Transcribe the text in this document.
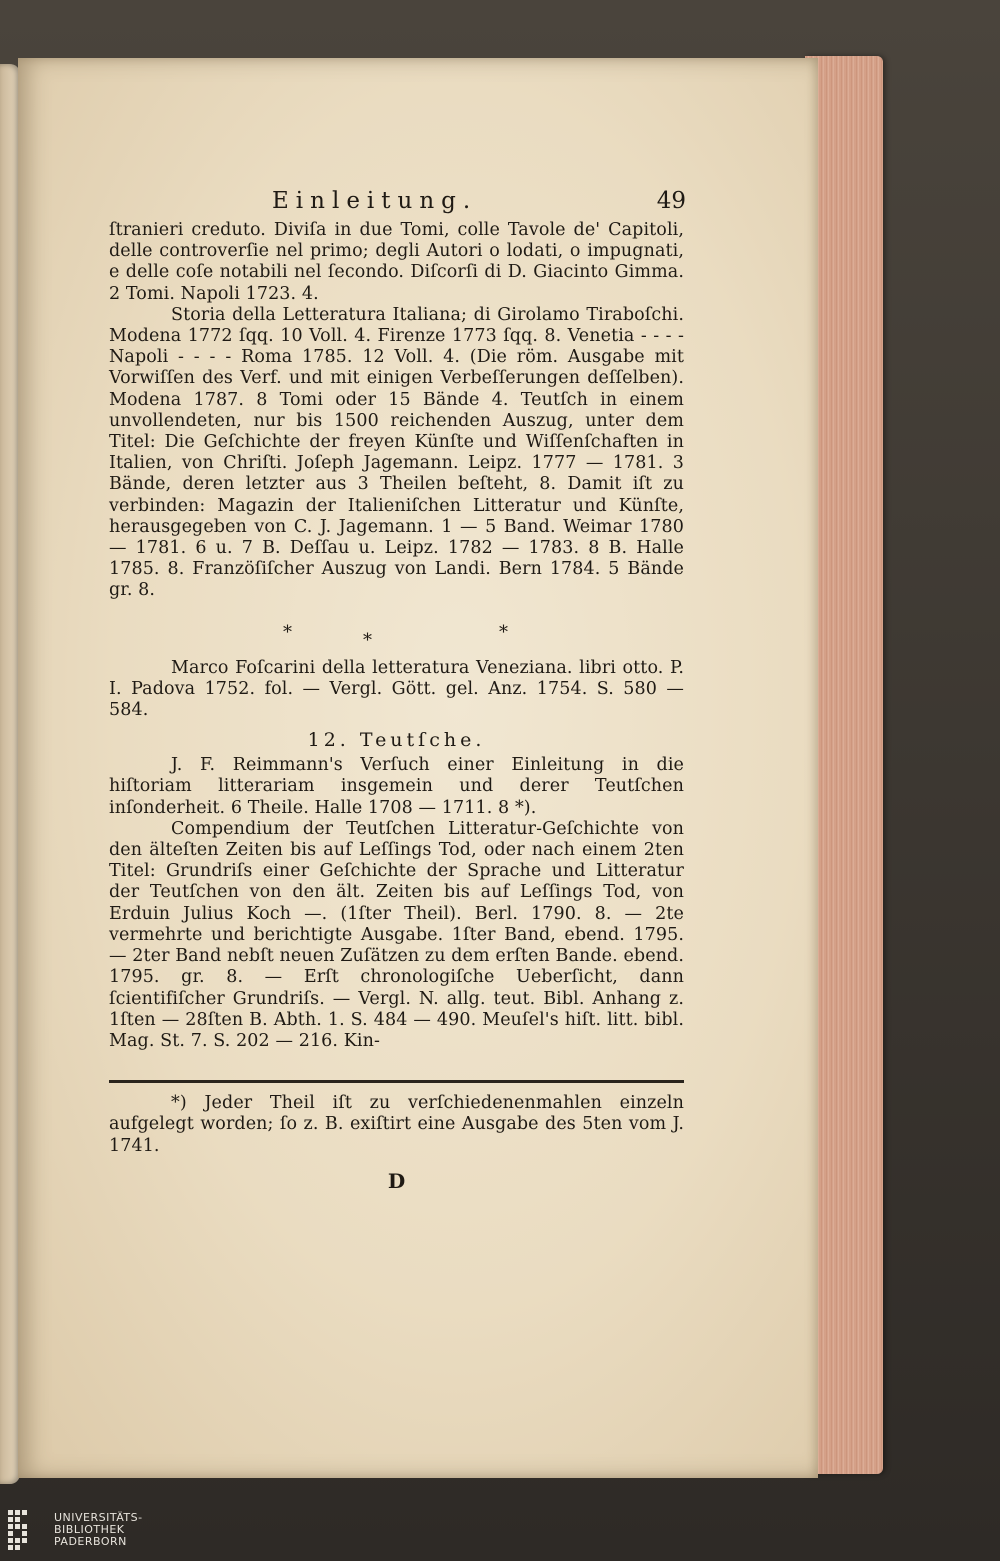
Einleitung.	49

ſtranieri creduto. Diviſa in due Tomi, colle Tavole de' Capitoli, delle controverſie nel primo; degli Autori o lodati, o impugnati, e delle coſe notabili nel ſecondo. Diſcorſi di D. Giacinto Gimma. 2 Tomi. Napoli 1723. 4.

Storia della Letteratura Italiana; di Girolamo Tiraboſchi. Modena 1772 ſqq. 10 Voll. 4. Firenze 1773 ſqq. 8. Venetia - - - - Napoli - - - - Roma 1785. 12 Voll. 4. (Die röm. Ausgabe mit Vorwiſſen des Verf. und mit einigen Verbeſſerungen deſſelben). Modena 1787. 8 Tomi oder 15 Bände 4. Teutſch in einem unvollendeten, nur bis 1500 reichenden Auszug, unter dem Titel: Die Geſchichte der freyen Künſte und Wiſſenſchaften in Italien, von Chriſti. Joſeph Jagemann. Leipz. 1777 — 1781. 3 Bände, deren letzter aus 3 Theilen beſteht, 8. Damit iſt zu verbinden: Magazin der Italieniſchen Litteratur und Künſte, herausgegeben von C. J. Jagemann. 1 — 5 Band. Weimar 1780 — 1781. 6 u. 7 B. Deſſau u. Leipz. 1782 — 1783. 8 B. Halle 1785. 8. Franzöſiſcher Auszug von Landi. Bern 1784. 5 Bände gr. 8.

*	*	*

Marco Foſcarini della letteratura Veneziana. libri otto. P. I. Padova 1752. fol. — Vergl. Gött. gel. Anz. 1754. S. 580 — 584.

12. Teutſche.

J. F. Reimmann's Verſuch einer Einleitung in die hiſtoriam litterariam insgemein und derer Teutſchen inſonderheit. 6 Theile. Halle 1708 — 1711. 8 *).

Compendium der Teutſchen Litteratur-Geſchichte von den älteſten Zeiten bis auf Leſſings Tod, oder nach einem 2ten Titel: Grundriſs einer Geſchichte der Sprache und Litteratur der Teutſchen von den ält. Zeiten bis auf Leſſings Tod, von Erduin Julius Koch —. (1ſter Theil). Berl. 1790. 8. — 2te vermehrte und berichtigte Ausgabe. 1ſter Band, ebend. 1795. — 2ter Band nebſt neuen Zuſätzen zu dem erſten Bande. ebend. 1795. gr. 8. — Erſt chronologiſche Ueberſicht, dann ſcientifiſcher Grundriſs. — Vergl. N. allg. teut. Bibl. Anhang z. 1ſten — 28ſten B. Abth. 1. S. 484 — 490. Meuſel's hiſt. litt. bibl. Mag. St. 7. S. 202 — 216. Kin-

*) Jeder Theil iſt zu verſchiedenenmahlen einzeln aufgelegt worden; ſo z. B. exiſtirt eine Ausgabe des 5ten vom J. 1741.

D
UNIVERSITÄTS-
BIBLIOTHEK
PADERBORN
